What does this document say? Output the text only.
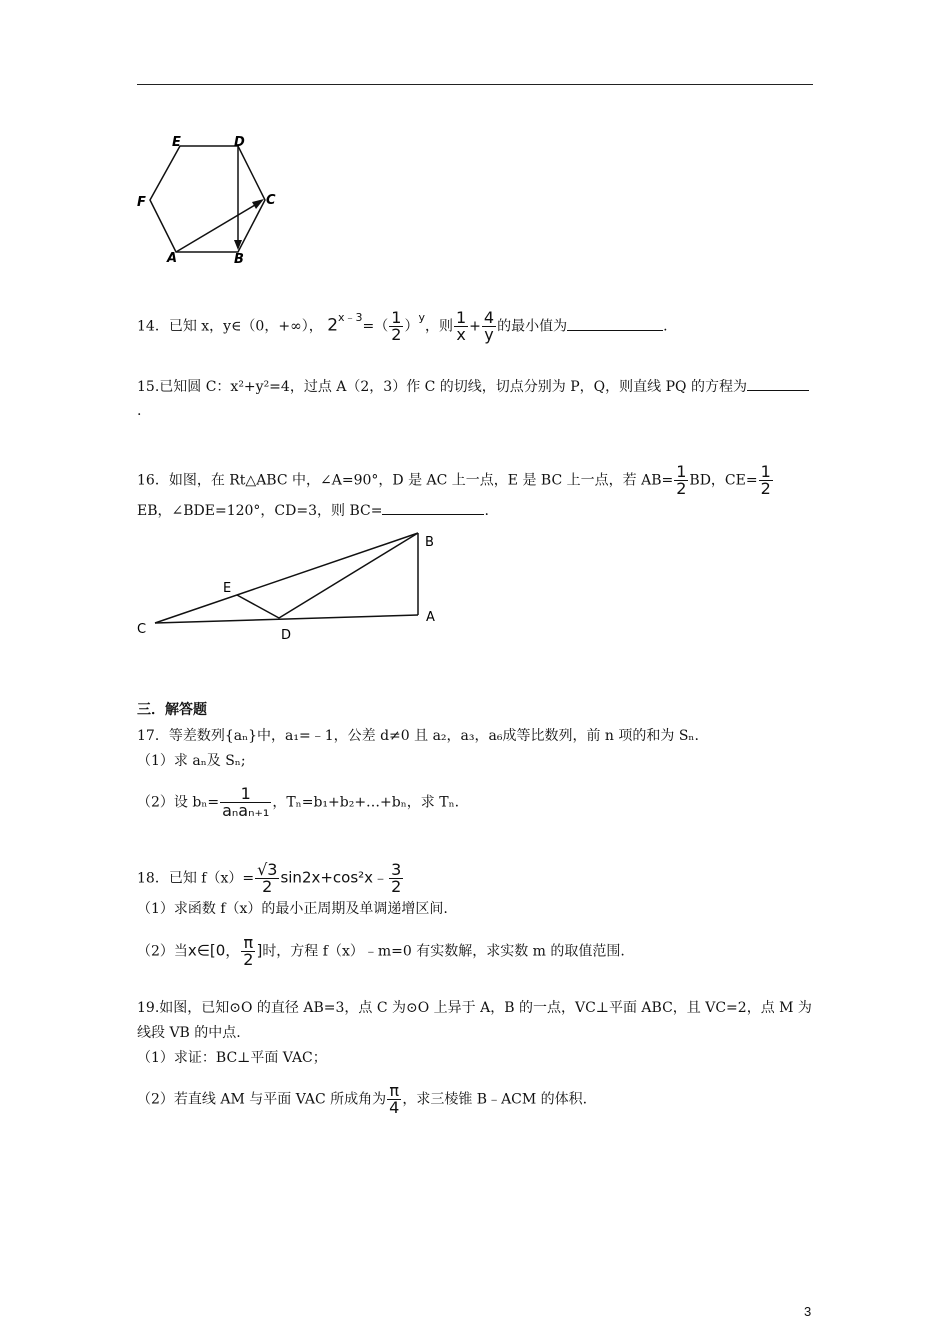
E	D
F	C
A	B
14．已知 x，y∈（0，+∞）， $2^{x﹣3}=( \frac{1}{2} )^y$，则 $\frac{1}{x} + \frac{4}{y}$ 的最小值为	.
15.已知圆 C：x²+y²=4，过点 A（2，3）作 C 的切线，切点分别为 P，Q，则直线 PQ 的方程为
.
16．如图，在 Rt△ABC 中，∠A=90°，D 是 AC 上一点，E 是 BC 上一点，若 $AB= \frac{1}{2}$ BD，$CE= \frac{1}{2}$
EB，∠BDE=120°，CD=3，则 BC=	.
B
E
C	D
A
三．解答题
17．等差数列{aₙ}中，a₁=﹣1，公差 d≠0 且 a₂，a₃，a₆成等比数列，前 n 项的和为 Sₙ.
（1）求 aₙ及 Sₙ;
（2）设 $b_n= \frac{1}{\text{aₙaₙ₊₁}}$ ，Tₙ=b₁+b₂+…+bₙ，求 Tₙ.
18．已知 $f(x)= \frac{√3}{2}$ sin2x+cos²x﹣ $\frac{3}{2}$
（1）求函数 f（x）的最小正周期及单调递增区间.
（2）当x∈[0， $\frac{\pi}{2}$ ]时，方程 f（x）﹣m=0 有实数解，求实数 m 的取值范围.
19.如图，已知⊙O 的直径 AB=3，点 C 为⊙O 上异于 A，B 的一点，VC⊥平面 ABC，且 VC=2，点 M 为
线段 VB 的中点.
（1）求证：BC⊥平面 VAC；
（2）若直线 AM 与平面 VAC 所成角为 $\frac{\pi}{4}$ ，求三棱锥 B﹣ACM 的体积.
3
